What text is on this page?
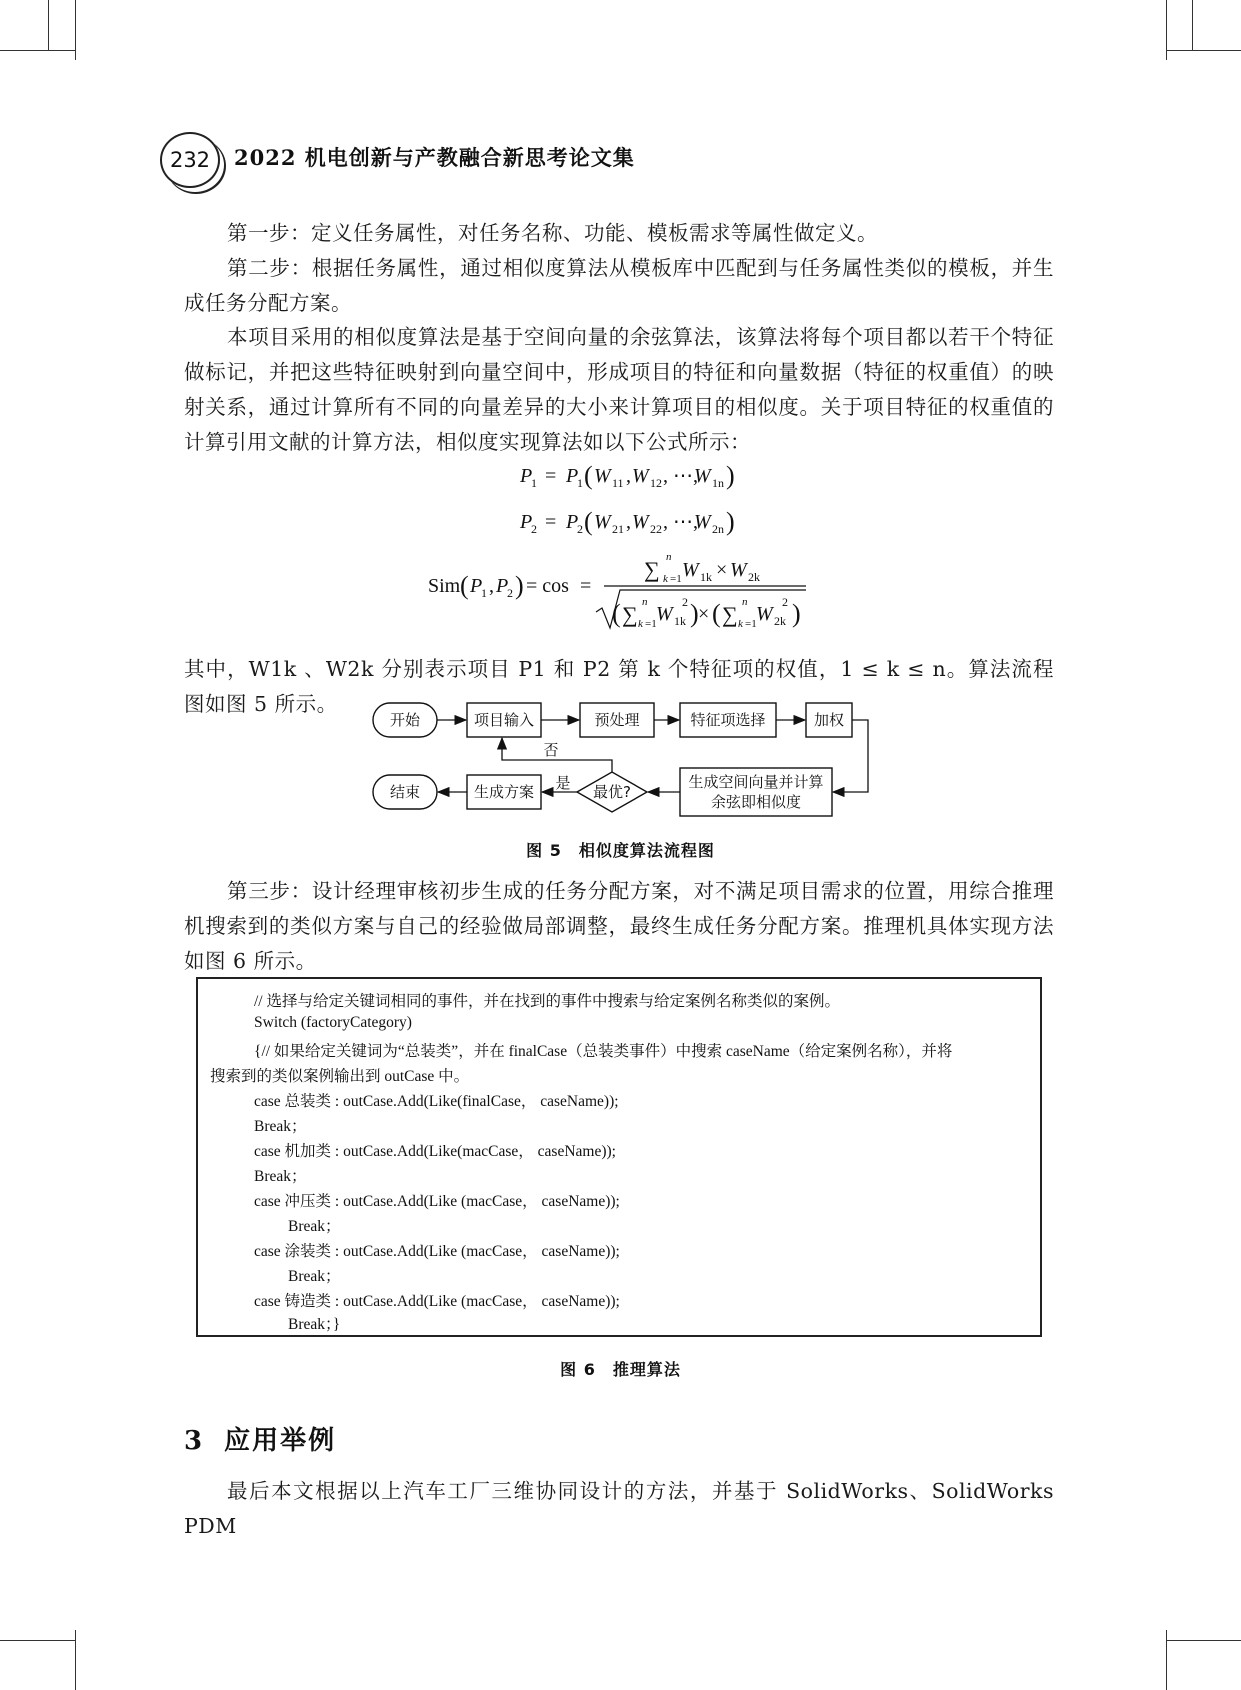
232	2022 机电创新与产教融合新思考论文集

第一步：定义任务属性，对任务名称、功能、模板需求等属性做定义。

第二步：根据任务属性，通过相似度算法从模板库中匹配到与任务属性类似的模板，并生成任务分配方案。

本项目采用的相似度算法是基于空间向量的余弦算法，该算法将每个项目都以若干个特征做标记，并把这些特征映射到向量空间中，形成项目的特征和向量数据（特征的权重值）的映射关系，通过计算所有不同的向量差异的大小来计算项目的相似度。关于项目特征的权重值的计算引用文献的计算方法，相似度实现算法如以下公式所示：

P
1 = P
1 ( W 11 , W 12 , ⋯,
W 1n )
P
2 = P
2 ( W 21 , W 22 , ⋯,
W 2n )
Sim ( P
1 , P
2 ) = cos =
∑ n
k =1 W 1k × W 2k
( ∑ n
k =1 W 1k
2 ) × ( ∑ n
k =1 W 2k
2 )

其中，W1k 、W2k 分别表示项目 P1 和 P2 第 k 个特征项的权值，1 ≤ k ≤ n。算法流程图如图 5 所示。

开始	项目输入	预处理	特征项选择	加权
结束	生成方案	最优?
生成空间向量并计算
余弦即相似度
否
是
图 5　相似度算法流程图

第三步：设计经理审核初步生成的任务分配方案，对不满足项目需求的位置，用综合推理机搜索到的类似方案与自己的经验做局部调整，最终生成任务分配方案。推理机具体实现方法如图 6 所示。

// 选择与给定关键词相同的事件，并在找到的事件中搜索与给定案例名称类似的案例。
Switch (factoryCategory)
{// 如果给定关键词为“总装类”，并在 finalCase（总装类事件）中搜索 caseName（给定案例名称），并将
搜索到的类似案例输出到 outCase 中。
case 总装类 : outCase.Add(Like(finalCase， caseName));
Break；
case 机加类 : outCase.Add(Like(macCase， caseName));
Break；
case 冲压类 : outCase.Add(Like (macCase， caseName));
Break；
case 涂装类 : outCase.Add(Like (macCase， caseName));
Break；
case 铸造类 : outCase.Add(Like (macCase， caseName));
Break；}
图 6　推理算法
3 应用举例

最后本文根据以上汽车工厂三维协同设计的方法，并基于 SolidWorks、SolidWorks PDM
